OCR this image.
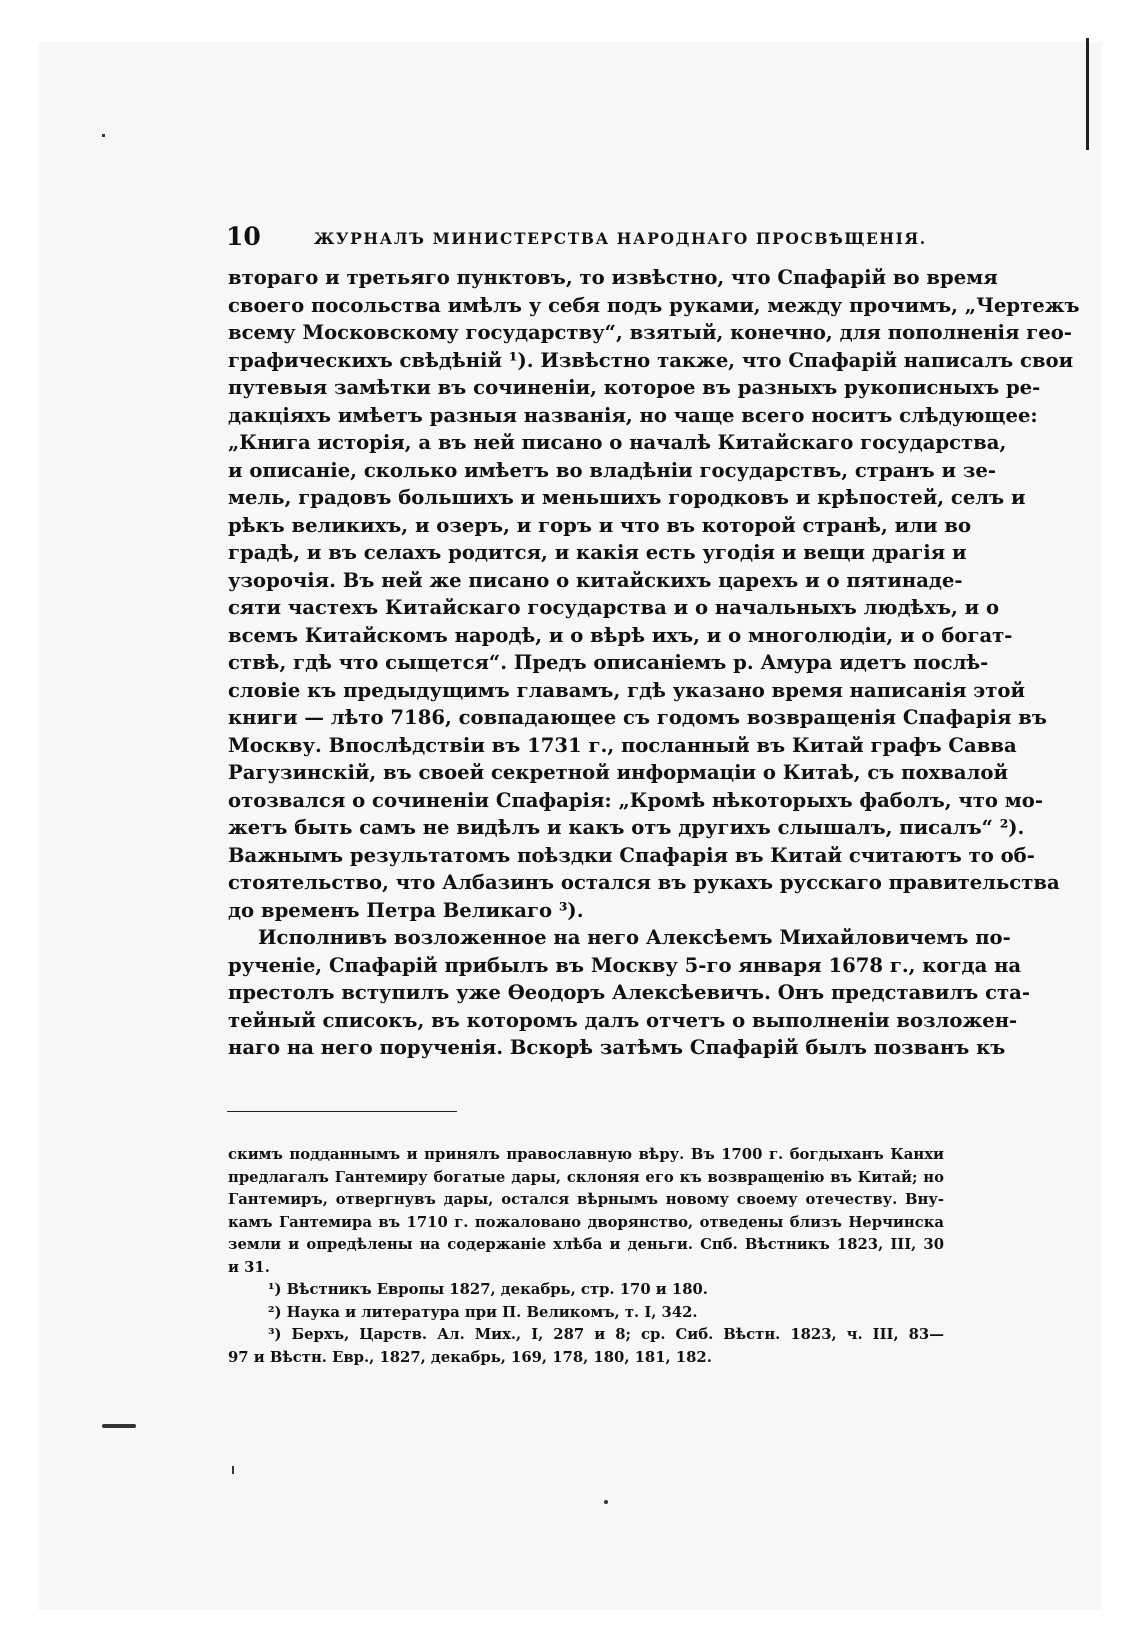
10	ЖУРНАЛЪ МИНИСТЕРСТВА НАРОДНАГО ПРОСВѢЩЕНІЯ.
втораго и третьяго пунктовъ, то извѣстно, что Спафарій во время
своего посольства имѣлъ у себя подъ руками, между прочимъ, „Чертежъ
всему Московскому государству“, взятый, конечно, для пополненія гео-
графическихъ свѣдѣній ¹). Извѣстно также, что Спафарій написалъ свои
путевыя замѣтки въ сочиненіи, которое въ разныхъ рукописныхъ ре-
дакціяхъ имѣетъ разныя названія, но чаще всего носитъ слѣдующее:
„Книга исторія, а въ ней писано о началѣ Китайскаго государства,
и описаніе, сколько имѣетъ во владѣніи государствъ, странъ и зе-
мель, градовъ большихъ и меньшихъ городковъ и крѣпостей, селъ и
рѣкъ великихъ, и озеръ, и горъ и что въ которой странѣ, или во
градѣ, и въ селахъ родится, и какія есть угодія и вещи драгія и
узорочія. Въ ней же писано о китайскихъ царехъ и о пятинаде-
сяти частехъ Китайскаго государства и о начальныхъ людѣхъ, и о
всемъ Китайскомъ народѣ, и о вѣрѣ ихъ, и о многолюдіи, и о богат-
ствѣ, гдѣ что сыщется“. Предъ описаніемъ р. Амура идетъ послѣ-
словіе къ предыдущимъ главамъ, гдѣ указано время написанія этой
книги — лѣто 7186, совпадающее съ годомъ возвращенія Спафарія въ
Москву. Впослѣдствіи въ 1731 г., посланный въ Китай графъ Савва
Рагузинскій, въ своей секретной информаціи о Китаѣ, съ похвалой
отозвался о сочиненіи Спафарія: „Кромѣ нѣкоторыхъ фаболъ, что мо-
жетъ быть самъ не видѣлъ и какъ отъ другихъ слышалъ, писалъ“ ²).
Важнымъ результатомъ поѣздки Спафарія въ Китай считаютъ то об-
стоятельство, что Албазинъ остался въ рукахъ русскаго правительства
до временъ Петра Великаго ³).
Исполнивъ возложенное на него Алексѣемъ Михайловичемъ по-
рученіе, Спафарій прибылъ въ Москву 5-го января 1678 г., когда на
престолъ вступилъ уже Ѳеодоръ Алексѣевичъ. Онъ представилъ ста-
тейный списокъ, въ которомъ далъ отчетъ о выполненіи возложен-
наго на него порученія. Вскорѣ затѣмъ Спафарій былъ позванъ къ
скимъ подданнымъ и принялъ православную вѣру. Въ 1700 г. богдыханъ Канхи
предлагалъ Гантемиру богатые дары, склоняя его къ возвращенію въ Китай; но
Гантемиръ, отвергнувъ дары, остался вѣрнымъ новому своему отечеству. Вну-
камъ Гантемира въ 1710 г. пожаловано дворянство, отведены близъ Нерчинска
земли и опредѣлены на содержаніе хлѣба и деньги. Спб. Вѣстникъ 1823, III, 30
и 31.
¹) Вѣстникъ Европы 1827, декабрь, стр. 170 и 180.
²) Наука и литература при П. Великомъ, т. I, 342.
³) Берхъ, Царств. Ал. Мих., I, 287 и 8; ср. Сиб. Вѣстн. 1823, ч. III, 83—
97 и Вѣстн. Евр., 1827, декабрь, 169, 178, 180, 181, 182.
